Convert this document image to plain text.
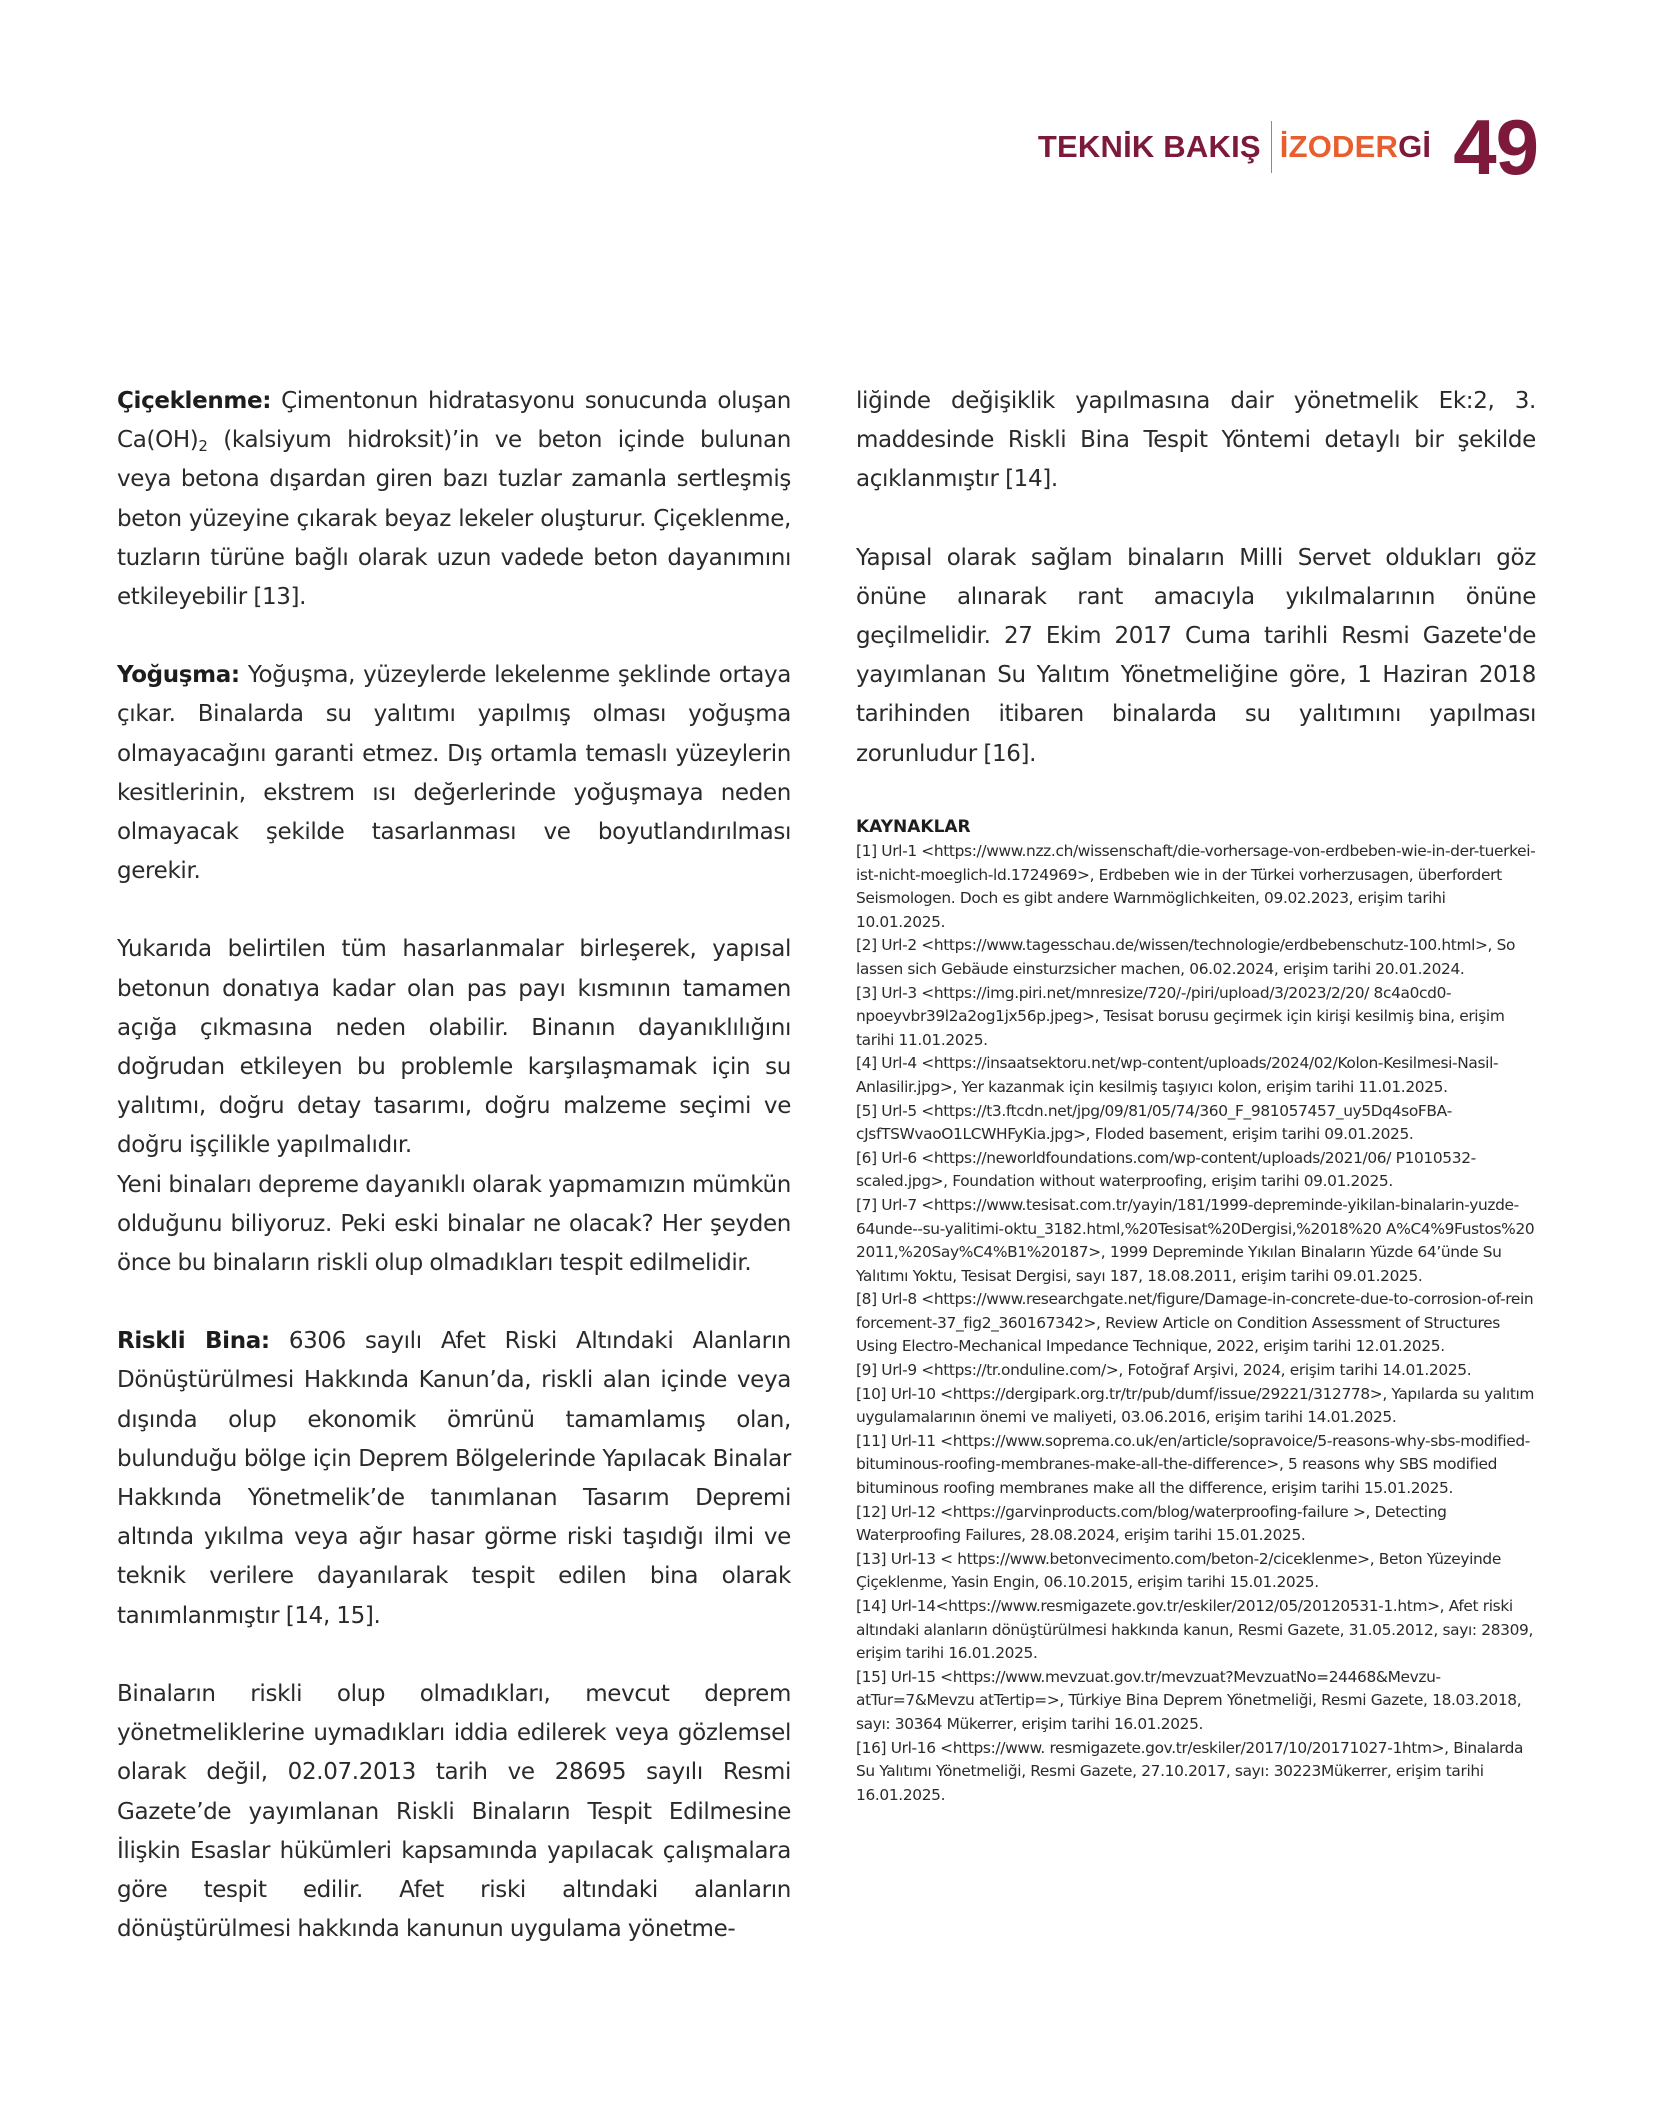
TEKNİK BAKIŞ İZODERGİ 49

Çiçeklenme: Çimentonun hidratasyonu sonucunda oluşan $Ca(OH)_2$ (kalsiyum hidroksit)’in ve beton içinde bulunan veya betona dışardan giren bazı tuzlar zamanla sertleşmiş beton yüzeyine çıkarak beyaz lekeler oluşturur. Çiçeklenme, tuzların türüne bağlı olarak uzun vadede beton dayanımını etkileyebilir [13].

Yoğuşma: Yoğuşma, yüzeylerde lekelenme şeklinde ortaya çıkar. Binalarda su yalıtımı yapılmış olması yoğuşma olmayacağını garanti etmez. Dış ortamla temaslı yüzeylerin kesitlerinin, ekstrem ısı değerlerinde yoğuşmaya neden olmayacak şekilde tasarlanması ve boyutlandırılması gerekir.

Yukarıda belirtilen tüm hasarlanmalar birleşerek, yapısal betonun donatıya kadar olan pas payı kısmının tamamen açığa çıkmasına neden olabilir. Binanın dayanıklılığını doğrudan etkileyen bu problemle karşılaşmamak için su yalıtımı, doğru detay tasarımı, doğru malzeme seçimi ve doğru işçilikle yapılmalıdır.

Yeni binaları depreme dayanıklı olarak yapmamızın mümkün olduğunu biliyoruz. Peki eski binalar ne olacak? Her şeyden önce bu binaların riskli olup olmadıkları tespit edilmelidir.

Riskli Bina: 6306 sayılı Afet Riski Altındaki Alanların Dönüştürülmesi Hakkında Kanun’da, riskli alan içinde veya dışında olup ekonomik ömrünü tamamlamış olan, bulunduğu bölge için Deprem Bölgelerinde Yapılacak Binalar Hakkında Yönetmelik’de tanımlanan Tasarım Depremi altında yıkılma veya ağır hasar görme riski taşıdığı ilmi ve teknik verilere dayanılarak tespit edilen bina olarak tanımlanmıştır [14, 15].

Binaların riskli olup olmadıkları, mevcut deprem yönetmeliklerine uymadıkları iddia edilerek veya gözlemsel olarak değil, 02.07.2013 tarih ve 28695 sayılı Resmi Gazete’de yayımlanan Riskli Binaların Tespit Edilmesine İlişkin Esaslar hükümleri kapsamında yapılacak çalışmalara göre tespit edilir. Afet riski altındaki alanların dönüştürülmesi hakkında kanunun uygulama yönetme-

liğinde değişiklik yapılmasına dair yönetmelik Ek:2, 3. maddesinde Riskli Bina Tespit Yöntemi detaylı bir şekilde açıklanmıştır [14].

Yapısal olarak sağlam binaların Milli Servet oldukları göz önüne alınarak rant amacıyla yıkılmalarının önüne geçilmelidir. 27 Ekim 2017 Cuma tarihli Resmi Gazete'de yayımlanan Su Yalıtım Yönetmeliğine göre, 1 Haziran 2018 tarihinden itibaren binalarda su yalıtımını yapılması zorunludur [16].

KAYNAKLAR

[1] Url-1 <https://www.nzz.ch/wissenschaft/die-vorhersage-von-erdbeben-wie-in-der-tuerkei-ist-nicht-moeglich-ld.1724969>, Erdbeben wie in der Türkei vorherzusagen, überfordert Seismologen. Doch es gibt andere Warnmöglichkeiten, 09.02.2023, erişim tarihi 10.01.2025.

[2] Url-2 <https://www.tagesschau.de/wissen/technologie/erdbebenschutz-100.html>, So lassen sich Gebäude einsturzsicher machen, 06.02.2024, erişim tarihi 20.01.2024.

[3] Url-3 <https://img.piri.net/mnresize/720/-/piri/upload/3/2023/2/20/ 8c4a0cd0-npoeyvbr39l2a2og1jx56p.jpeg>, Tesisat borusu geçirmek için kirişi kesilmiş bina, erişim tarihi 11.01.2025.

[4] Url-4 <https://insaatsektoru.net/wp-content/uploads/2024/02/Kolon-Kesilmesi-Nasil-Anlasilir.jpg>, Yer kazanmak için kesilmiş taşıyıcı kolon, erişim tarihi 11.01.2025.

[5] Url-5 <https://t3.ftcdn.net/jpg/09/81/05/74/360_F_981057457_uy5Dq4soFBAcJsfTSWvaoO1LCWHFyKia.jpg>, Floded basement, erişim tarihi 09.01.2025.

[6] Url-6 <https://neworldfoundations.com/wp-content/uploads/2021/06/ P1010532-scaled.jpg>, Foundation without waterproofing, erişim tarihi 09.01.2025.

[7] Url-7 <https://www.tesisat.com.tr/yayin/181/1999-depreminde-yikilan-binalarin-yuzde-64unde--su-yalitimi-oktu_3182.html,%20Tesisat%20Dergisi,%2018%20 A%C4%9Fustos%20 2011,%20Say%C4%B1%20187>, 1999 Depreminde Yıkılan Binaların Yüzde 64’ünde Su Yalıtımı Yoktu, Tesisat Dergisi, sayı 187, 18.08.2011, erişim tarihi 09.01.2025.

[8] Url-8 <https://www.researchgate.net/figure/Damage-in-concrete-due-to-corrosion-of-rein forcement-37_fig2_360167342>, Review Article on Condition Assessment of Structures Using Electro-Mechanical Impedance Technique, 2022, erişim tarihi 12.01.2025.

[9] Url-9 <https://tr.onduline.com/>, Fotoğraf Arşivi, 2024, erişim tarihi 14.01.2025.

[10] Url-10 <https://dergipark.org.tr/tr/pub/dumf/issue/29221/312778>, Yapılarda su yalıtım uygulamalarının önemi ve maliyeti, 03.06.2016, erişim tarihi 14.01.2025.

[11] Url-11 <https://www.soprema.co.uk/en/article/sopravoice/5-reasons-why-sbs-modified-bituminous-roofing-membranes-make-all-the-difference>, 5 reasons why SBS modified bituminous roofing membranes make all the difference, erişim tarihi 15.01.2025.

[12] Url-12 <https://garvinproducts.com/blog/waterproofing-failure >, Detecting Waterproofing Failures, 28.08.2024, erişim tarihi 15.01.2025.

[13] Url-13 < https://www.betonvecimento.com/beton-2/ciceklenme>, Beton Yüzeyinde Çiçeklenme, Yasin Engin, 06.10.2015, erişim tarihi 15.01.2025.

[14] Url-14<https://www.resmigazete.gov.tr/eskiler/2012/05/20120531-1.htm>, Afet riski altındaki alanların dönüştürülmesi hakkında kanun, Resmi Gazete, 31.05.2012, sayı: 28309, erişim tarihi 16.01.2025.

[15] Url-15 <https://www.mevzuat.gov.tr/mevzuat?MevzuatNo=24468&MevzuatTur=7&Mevzu atTertip=>, Türkiye Bina Deprem Yönetmeliği, Resmi Gazete, 18.03.2018, sayı: 30364 Mükerrer, erişim tarihi 16.01.2025.

[16] Url-16 <https://www. resmigazete.gov.tr/eskiler/2017/10/20171027-1htm>, Binalarda Su Yalıtımı Yönetmeliği, Resmi Gazete, 27.10.2017, sayı: 30223Mükerrer, erişim tarihi 16.01.2025.
